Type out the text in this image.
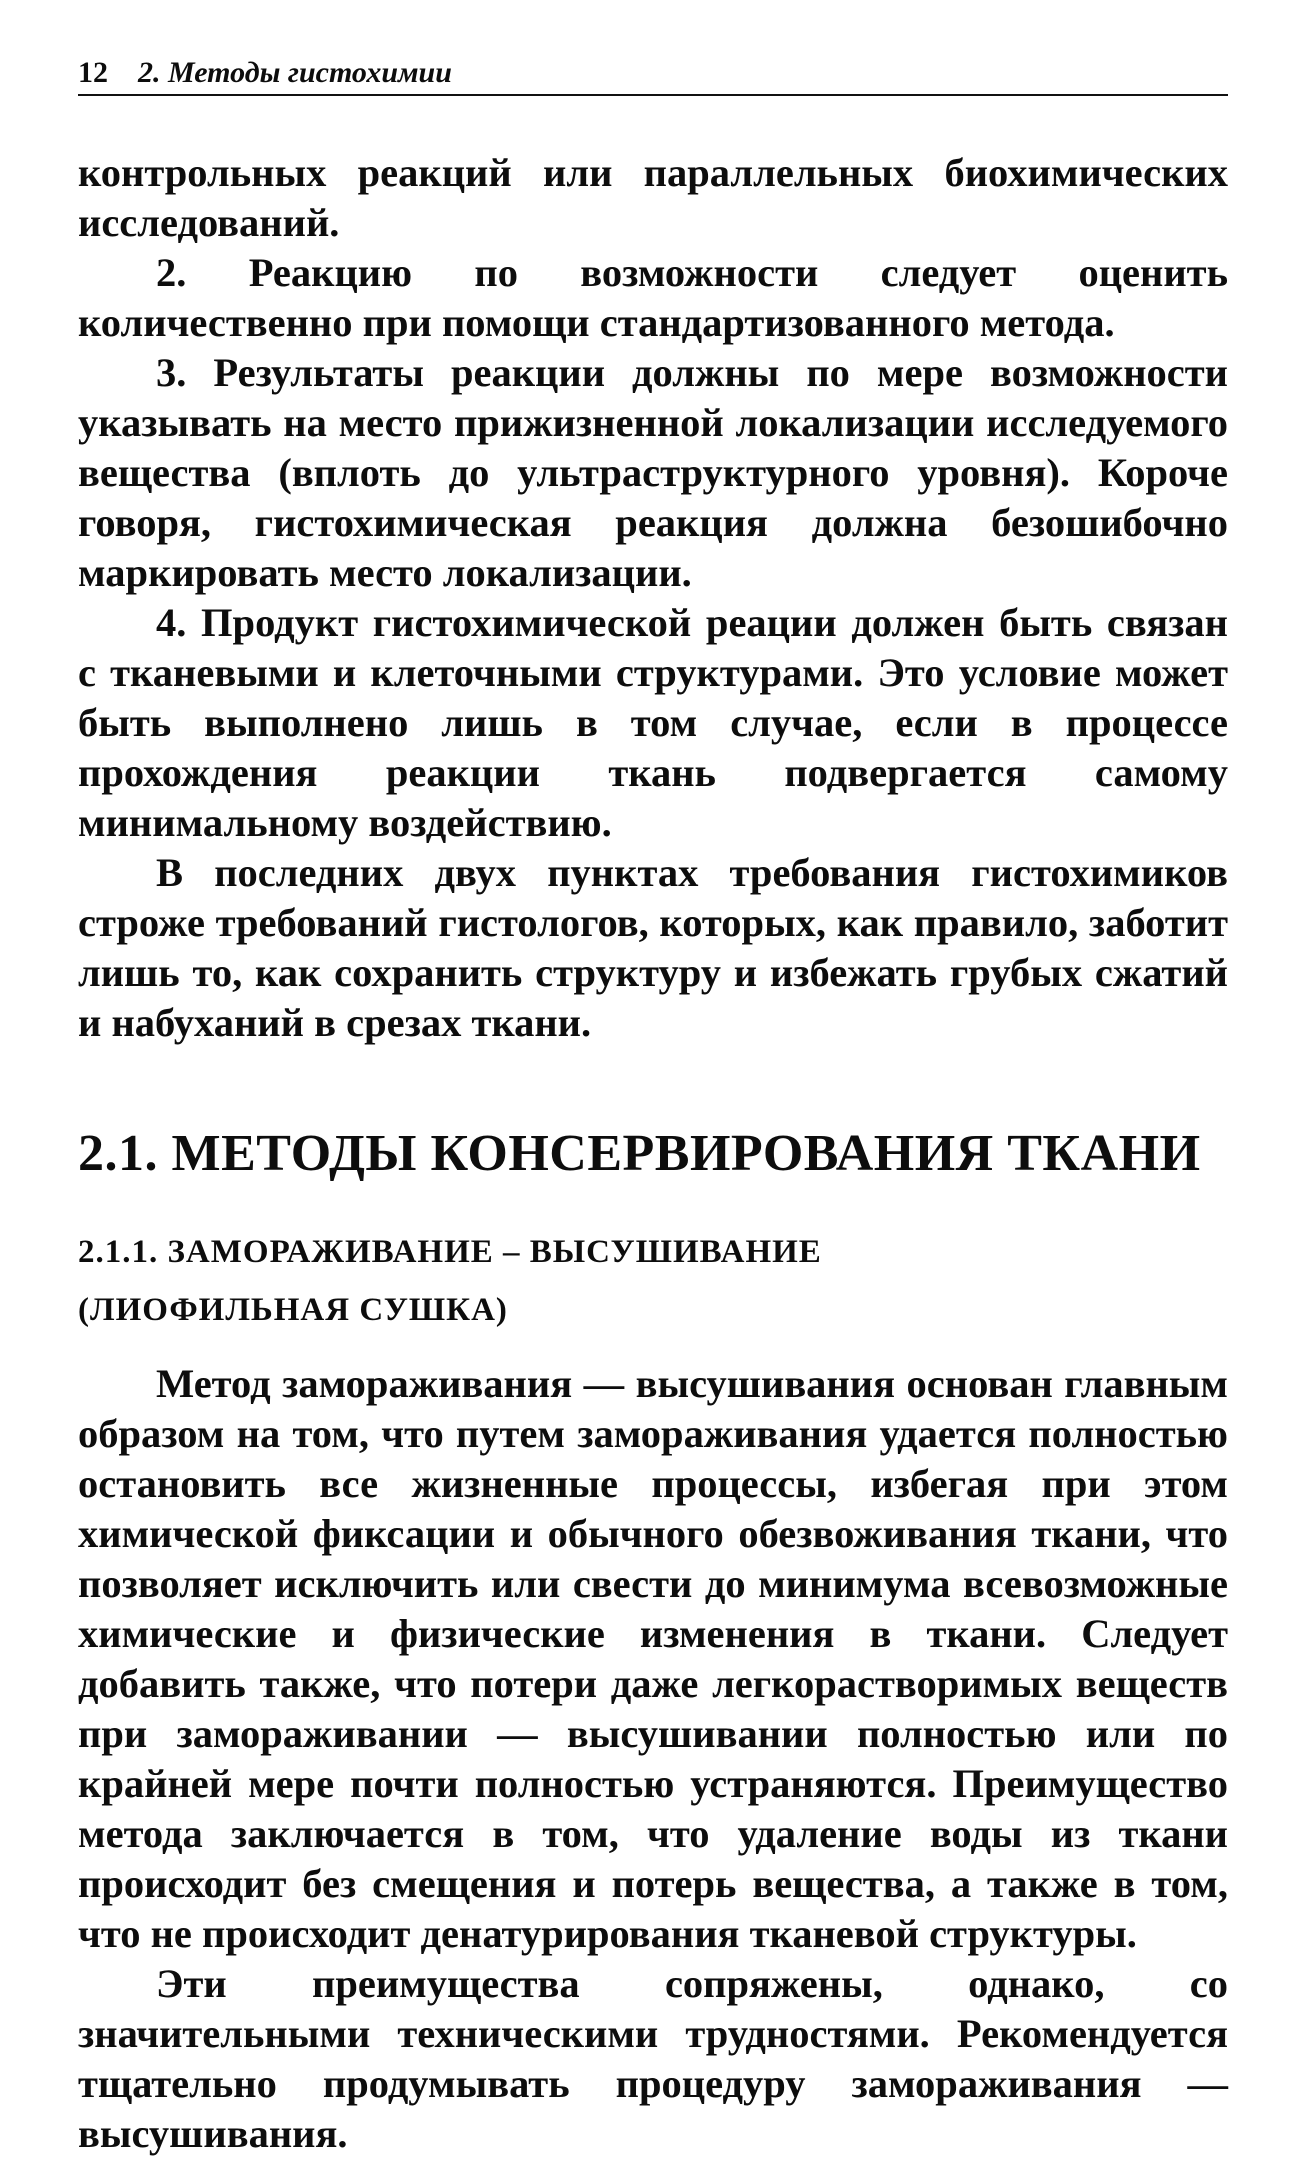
12 2. Методы гистохимии

контрольных реакций или параллельных биохимических исследований.

2. Реакцию по возможности следует оценить количественно при помощи стандартизованного метода.

3. Результаты реакции должны по мере возможности указывать на место прижизненной локализации исследуемого вещества (вплоть до ультраструктурного уровня). Короче говоря, гистохимическая реакция должна безошибочно маркировать место локализации.

4. Продукт гистохимической реации должен быть связан с тканевыми и клеточными структурами. Это условие может быть выполнено лишь в том случае, если в процессе прохождения реакции ткань подвергается самому минимальному воздействию.

В последних двух пунктах требования гистохимиков строже требований гистологов, которых, как правило, заботит лишь то, как сохранить структуру и избежать грубых сжатий и набуханий в срезах ткани.

2.1. МЕТОДЫ КОНСЕРВИРОВАНИЯ ТКАНИ
2.1.1. ЗАМОРАЖИВАНИЕ – ВЫСУШИВАНИЕ
(ЛИОФИЛЬНАЯ СУШКА)

Метод замораживания — высушивания основан главным образом на том, что путем замораживания удается полностью остановить все жизненные процессы, избегая при этом химической фиксации и обычного обезвоживания ткани, что позволяет исключить или свести до минимума всевозможные химические и физические изменения в ткани. Следует добавить также, что потери даже легкорастворимых веществ при замораживании — высушивании полностью или по крайней мере почти полностью устраняются. Преимущество метода заключается в том, что удаление воды из ткани происходит без смещения и потерь вещества, а также в том, что не происходит денатурирования тканевой структуры.

Эти преимущества сопряжены, однако, со значительными техническими трудностями. Рекомендуется тщательно продумывать процедуру замораживания — высушивания.
